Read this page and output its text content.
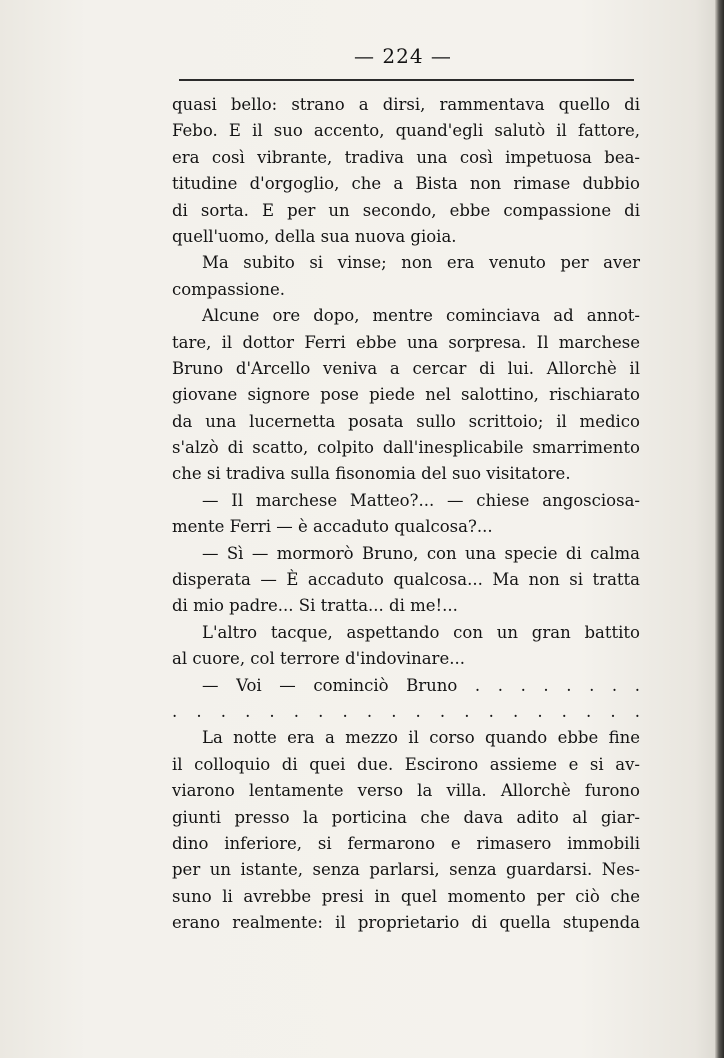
— 224 —
quasi bello: strano a dirsi, rammentava quello di
Febo. E il suo accento, quand'egli salutò il fattore,
era così vibrante, tradiva una così impetuosa bea-
titudine d'orgoglio, che a Bista non rimase dubbio
di sorta. E per un secondo, ebbe compassione di
quell'uomo, della sua nuova gioia.
Ma subito si vinse; non era venuto per aver
compassione.
Alcune ore dopo, mentre cominciava ad annot-
tare, il dottor Ferri ebbe una sorpresa. Il marchese
Bruno d'Arcello veniva a cercar di lui. Allorchè il
giovane signore pose piede nel salottino, rischiarato
da una lucernetta posata sullo scrittoio; il medico
s'alzò di scatto, colpito dall'inesplicabile smarrimento
che si tradiva sulla fisonomia del suo visitatore.
— Il marchese Matteo?... — chiese angosciosa-
mente Ferri — è accaduto qualcosa?...
— Sì — mormorò Bruno, con una specie di calma
disperata — È accaduto qualcosa... Ma non si tratta
di mio padre... Si tratta... di me!...
L'altro tacque, aspettando con un gran battito
al cuore, col terrore d'indovinare...
— Voi — cominciò Bruno . . . . . . . .
. . . . . . . . . . . . . . . . . . . .
La notte era a mezzo il corso quando ebbe fine
il colloquio di quei due. Escirono assieme e si av-
viarono lentamente verso la villa. Allorchè furono
giunti presso la porticina che dava adito al giar-
dino inferiore, si fermarono e rimasero immobili
per un istante, senza parlarsi, senza guardarsi. Nes-
suno li avrebbe presi in quel momento per ciò che
erano realmente: il proprietario di quella stupenda
